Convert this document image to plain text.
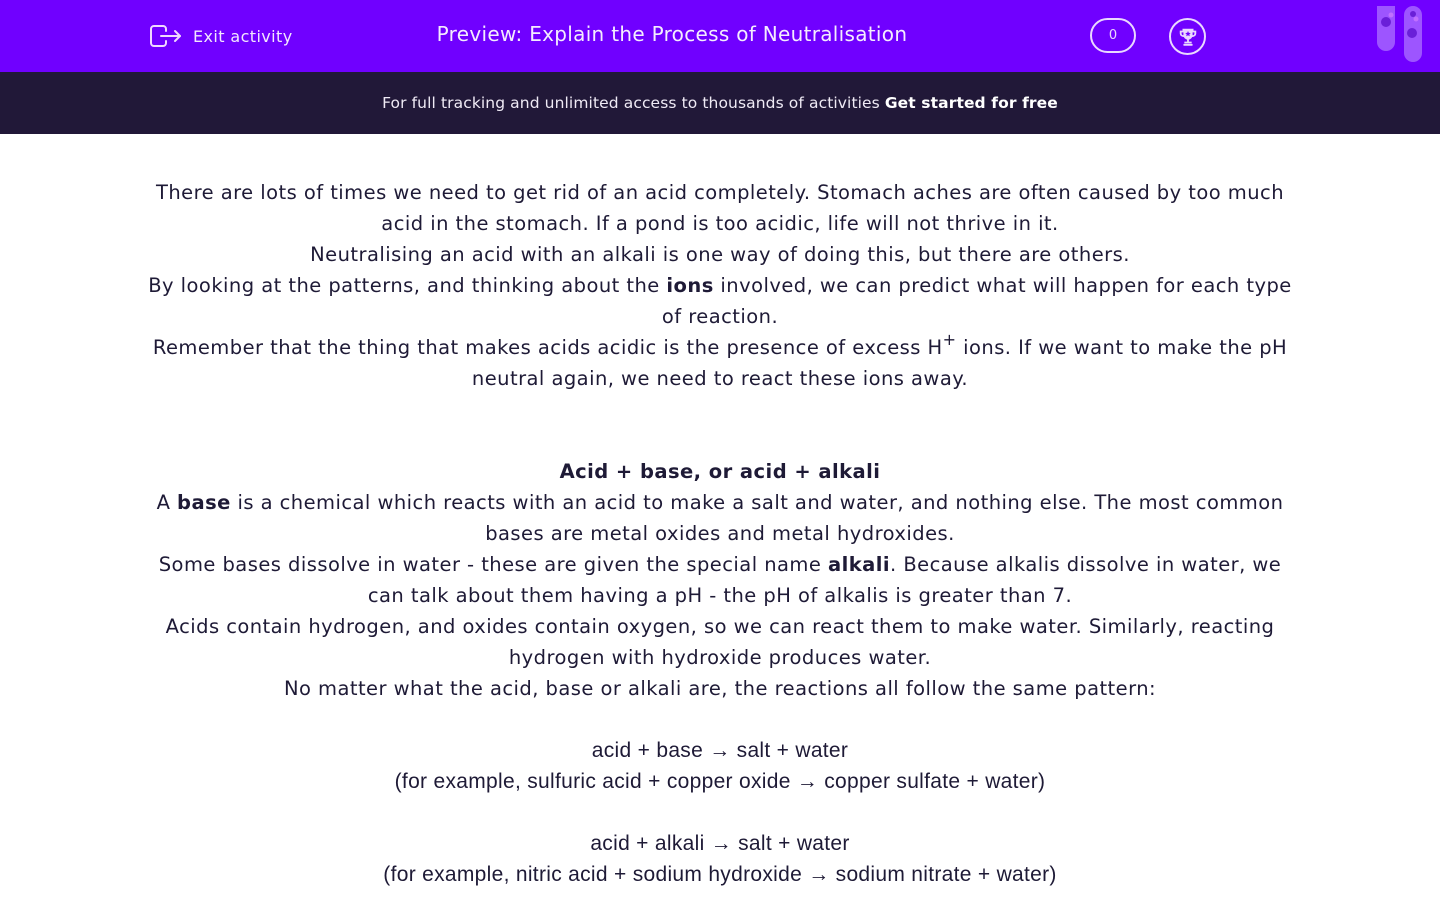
Exit activity	Preview: Explain the Process of Neutralisation	0
For full tracking and unlimited access to thousands of activities Get started for free

There are lots of times we need to get rid of an acid completely. Stomach aches are often caused by too much acid in the stomach. If a pond is too acidic, life will not thrive in it.

Neutralising an acid with an alkali is one way of doing this, but there are others.

By looking at the patterns, and thinking about the ions involved, we can predict what will happen for each type of reaction.

Remember that the thing that makes acids acidic is the presence of excess H+ ions. If we want to make the pH neutral again, we need to react these ions away.

Acid + base, or acid + alkali

A base is a chemical which reacts with an acid to make a salt and water, and nothing else. The most common bases are metal oxides and metal hydroxides.

Some bases dissolve in water - these are given the special name alkali. Because alkalis dissolve in water, we can talk about them having a pH - the pH of alkalis is greater than 7.

Acids contain hydrogen, and oxides contain oxygen, so we can react them to make water. Similarly, reacting hydrogen with hydroxide produces water.

No matter what the acid, base or alkali are, the reactions all follow the same pattern:

acid + base → salt + water

(for example, sulfuric acid + copper oxide → copper sulfate + water)

acid + alkali → salt + water

(for example, nitric acid + sodium hydroxide → sodium nitrate + water)
